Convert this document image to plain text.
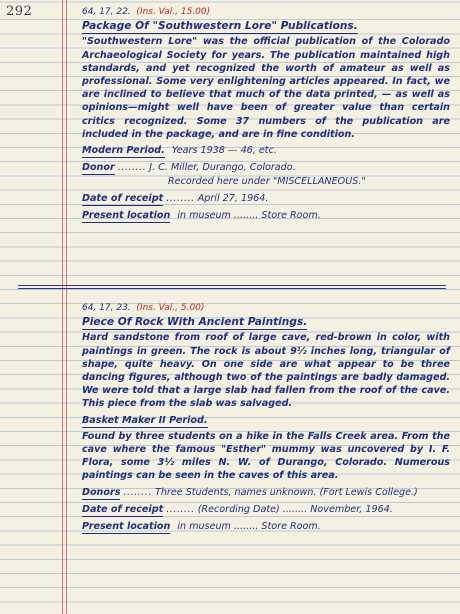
292	64, 17, 22. (Ins. Val., 15.00)
Package Of "Southwestern Lore" Publications.

"Southwestern Lore" was the official publication of the Colorado Archaeological Society for years. The publication maintained high standards, and yet recognized the worth of amateur as well as professional. Some very enlightening articles appeared. In fact, we are inclined to believe that much of the data printed, — as well as opinions—might well have been of greater value than certain critics recognized. Some 37 numbers of the publication are included in the package, and are in fine condition.

Modern Period. Years 1938 — 46, etc.
Donor ........ J. C. Miller, Durango, Colorado.
Recorded here under "MISCELLANEOUS."
Date of receipt ........ April 27, 1964.
Present location in museum ........ Store Room.
64, 17, 23. (Ins. Val., 5.00)
Piece Of Rock With Ancient Paintings.

Hard sandstone from roof of large cave, red-brown in color, with paintings in green. The rock is about 9½ inches long, triangular of shape, quite heavy. On one side are what appear to be three dancing figures, although two of the paintings are badly damaged. We were told that a large slab had fallen from the roof of the cave. This piece from the slab was salvaged.

Basket Maker II Period.

Found by three students on a hike in the Falls Creek area. From the cave where the famous "Esther" mummy was uncovered by I. F. Flora, some 3½ miles N. W. of Durango, Colorado. Numerous paintings can be seen in the caves of this area.

Donors ........ Three Students, names unknown. (Fort Lewis College.)
Date of receipt ........ (Recording Date) ........ November, 1964.
Present location in museum ........ Store Room.
